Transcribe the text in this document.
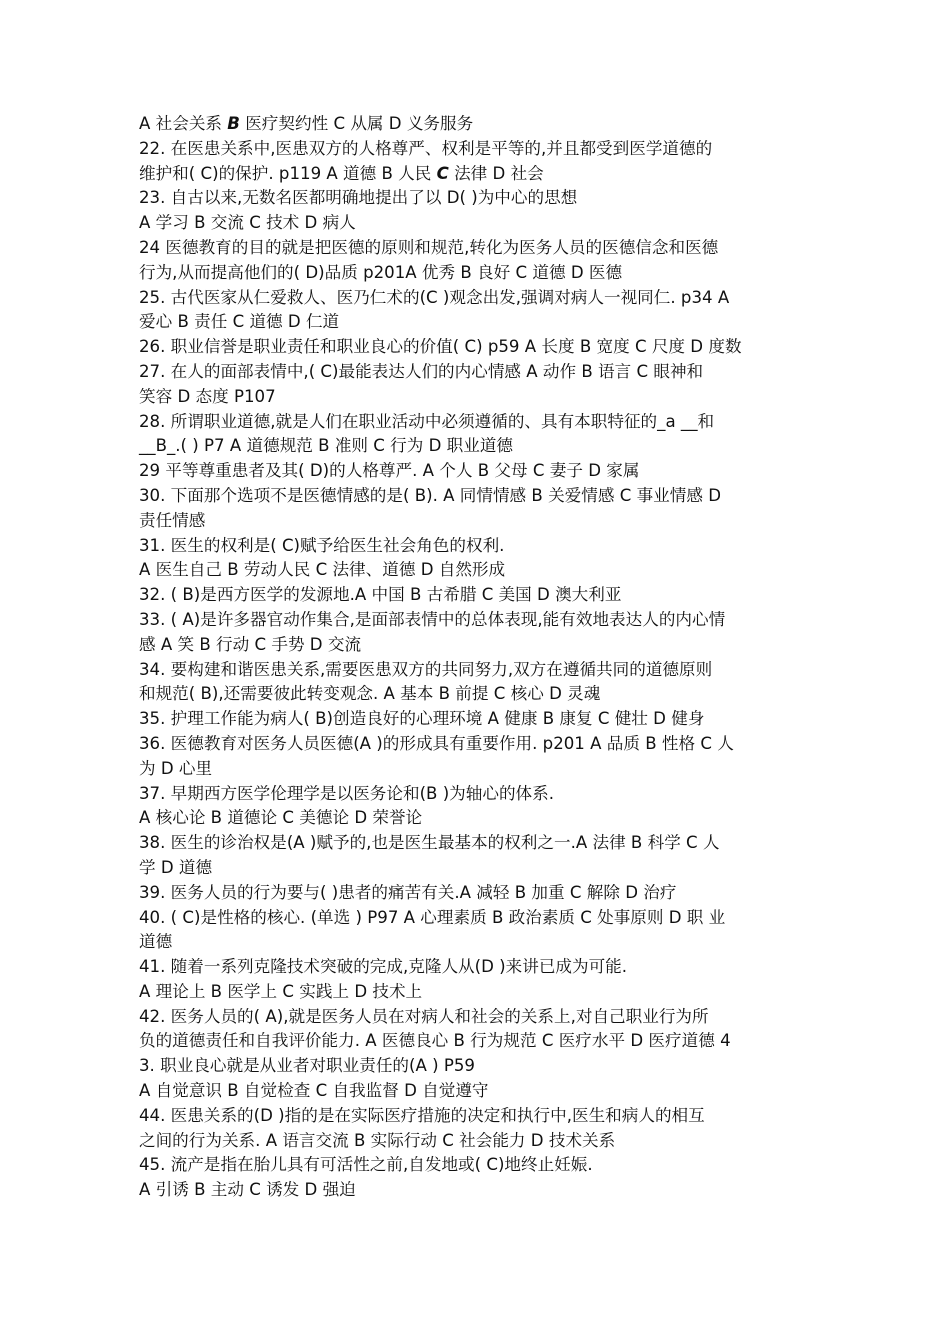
A 社会关系 B 医疗契约性 C 从属 D 义务服务
22. 在医患关系中,医患双方的人格尊严、权利是平等的,并且都受到医学道德的
维护和( C)的保护. p119 A 道德 B 人民 C 法律 D 社会
23. 自古以来,无数名医都明确地提出了以 D( )为中心的思想
A 学习 B 交流 C 技术 D 病人
24 医德教育的目的就是把医德的原则和规范,转化为医务人员的医德信念和医德
行为,从而提高他们的( D)品质 p201A 优秀 B 良好 C 道德 D 医德
25. 古代医家从仁爱救人、医乃仁术的(C )观念出发,强调对病人一视同仁. p34 A
爱心 B 责任 C 道德 D 仁道
26. 职业信誉是职业责任和职业良心的价值( C) p59 A 长度 B 宽度 C 尺度 D 度数
27. 在人的面部表情中,( C)最能表达人们的内心情感 A 动作 B 语言 C 眼神和
笑容 D 态度 P107
28. 所谓职业道德,就是人们在职业活动中必须遵循的、具有本职特征的_a __和
__B_.( ) P7 A 道德规范 B 准则 C 行为 D 职业道德
29 平等尊重患者及其( D)的人格尊严. A 个人 B 父母 C 妻子 D 家属
30. 下面那个选项不是医德情感的是( B). A 同情情感 B 关爱情感 C 事业情感 D
责任情感
31. 医生的权利是( C)赋予给医生社会角色的权利.
A 医生自己 B 劳动人民 C 法律、道德 D 自然形成
32. ( B)是西方医学的发源地.A 中国 B 古希腊 C 美国 D 澳大利亚
33. ( A)是许多器官动作集合,是面部表情中的总体表现,能有效地表达人的内心情
感 A 笑 B 行动 C 手势 D 交流
34. 要构建和谐医患关系,需要医患双方的共同努力,双方在遵循共同的道德原则
和规范( B),还需要彼此转变观念. A 基本 B 前提 C 核心 D 灵魂
35. 护理工作能为病人( B)创造良好的心理环境 A 健康 B 康复 C 健壮 D 健身
36. 医德教育对医务人员医德(A )的形成具有重要作用. p201 A 品质 B 性格 C 人
为 D 心里
37. 早期西方医学伦理学是以医务论和(B )为轴心的体系.
A 核心论 B 道德论 C 美德论 D 荣誉论
38. 医生的诊治权是(A )赋予的,也是医生最基本的权利之一.A 法律 B 科学 C 人
学 D 道德
39. 医务人员的行为要与( )患者的痛苦有关.A 减轻 B 加重 C 解除 D 治疗
40. ( C)是性格的核心. (单选 ) P97 A 心理素质 B 政治素质 C 处事原则 D 职 业
道德
41. 随着一系列克隆技术突破的完成,克隆人从(D )来讲已成为可能.
A 理论上 B 医学上 C 实践上 D 技术上
42. 医务人员的( A),就是医务人员在对病人和社会的关系上,对自己职业行为所
负的道德责任和自我评价能力. A 医德良心 B 行为规范 C 医疗水平 D 医疗道德 4
3. 职业良心就是从业者对职业责任的(A ) P59
A 自觉意识 B 自觉检查 C 自我监督 D 自觉遵守
44. 医患关系的(D )指的是在实际医疗措施的决定和执行中,医生和病人的相互
之间的行为关系. A 语言交流 B 实际行动 C 社会能力 D 技术关系
45. 流产是指在胎儿具有可活性之前,自发地或( C)地终止妊娠.
A 引诱 B 主动 C 诱发 D 强迫
